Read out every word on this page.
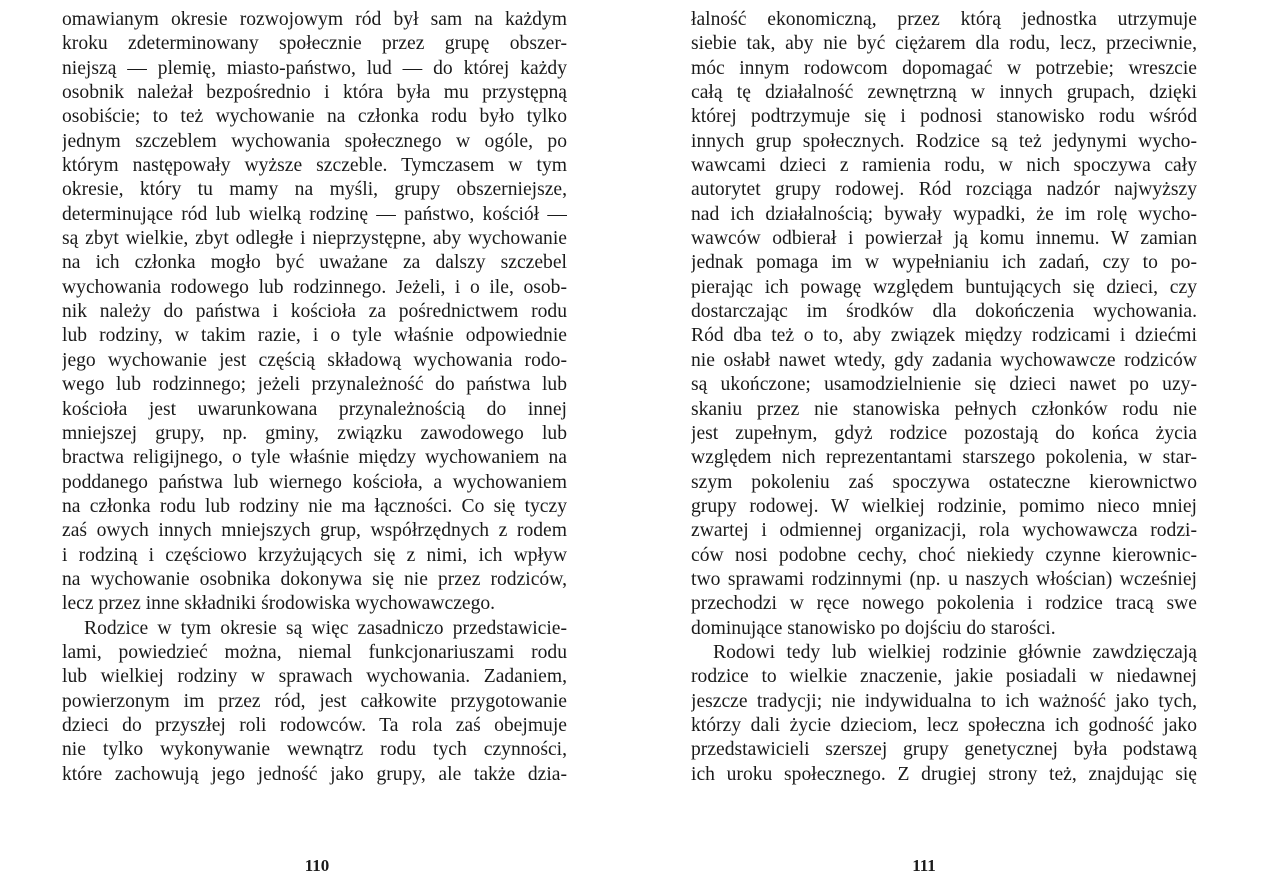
omawianym okresie rozwojowym ród był sam na każdym
kroku zdeterminowany społecznie przez grupę obszer-
niejszą — plemię, miasto-państwo, lud — do której każdy
osobnik należał bezpośrednio i która była mu przystępną
osobiście; to też wychowanie na członka rodu było tylko
jednym szczeblem wychowania społecznego w ogóle, po
którym następowały wyższe szczeble. Tymczasem w tym
okresie, który tu mamy na myśli, grupy obszerniejsze,
determinujące ród lub wielką rodzinę — państwo, kościół —
są zbyt wielkie, zbyt odległe i nieprzystępne, aby wychowanie
na ich członka mogło być uważane za dalszy szczebel
wychowania rodowego lub rodzinnego. Jeżeli, i o ile, osob-
nik należy do państwa i kościoła za pośrednictwem rodu
lub rodziny, w takim razie, i o tyle właśnie odpowiednie
jego wychowanie jest częścią składową wychowania rodo-
wego lub rodzinnego; jeżeli przynależność do państwa lub
kościoła jest uwarunkowana przynależnością do innej
mniejszej grupy, np. gminy, związku zawodowego lub
bractwa religijnego, o tyle właśnie między wychowaniem na
poddanego państwa lub wiernego kościoła, a wychowaniem
na członka rodu lub rodziny nie ma łączności. Co się tyczy
zaś owych innych mniejszych grup, współrzędnych z rodem
i rodziną i częściowo krzyżujących się z nimi, ich wpływ
na wychowanie osobnika dokonywa się nie przez rodziców,
lecz przez inne składniki środowiska wychowawczego.
Rodzice w tym okresie są więc zasadniczo przedstawicie-
lami, powiedzieć można, niemal funkcjonariuszami rodu
lub wielkiej rodziny w sprawach wychowania. Zadaniem,
powierzonym im przez ród, jest całkowite przygotowanie
dzieci do przyszłej roli rodowców. Ta rola zaś obejmuje
nie tylko wykonywanie wewnątrz rodu tych czynności,
które zachowują jego jedność jako grupy, ale także dzia-
110
łalność ekonomiczną, przez którą jednostka utrzymuje
siebie tak, aby nie być ciężarem dla rodu, lecz, przeciwnie,
móc innym rodowcom dopomagać w potrzebie; wreszcie
całą tę działalność zewnętrzną w innych grupach, dzięki
której podtrzymuje się i podnosi stanowisko rodu wśród
innych grup społecznych. Rodzice są też jedynymi wycho-
wawcami dzieci z ramienia rodu, w nich spoczywa cały
autorytet grupy rodowej. Ród rozciąga nadzór najwyższy
nad ich działalnością; bywały wypadki, że im rolę wycho-
wawców odbierał i powierzał ją komu innemu. W zamian
jednak pomaga im w wypełnianiu ich zadań, czy to po-
pierając ich powagę względem buntujących się dzieci, czy
dostarczając im środków dla dokończenia wychowania.
Ród dba też o to, aby związek między rodzicami i dziećmi
nie osłabł nawet wtedy, gdy zadania wychowawcze rodziców
są ukończone; usamodzielnienie się dzieci nawet po uzy-
skaniu przez nie stanowiska pełnych członków rodu nie
jest zupełnym, gdyż rodzice pozostają do końca życia
względem nich reprezentantami starszego pokolenia, w star-
szym pokoleniu zaś spoczywa ostateczne kierownictwo
grupy rodowej. W wielkiej rodzinie, pomimo nieco mniej
zwartej i odmiennej organizacji, rola wychowawcza rodzi-
ców nosi podobne cechy, choć niekiedy czynne kierownic-
two sprawami rodzinnymi (np. u naszych włościan) wcześniej
przechodzi w ręce nowego pokolenia i rodzice tracą swe
dominujące stanowisko po dojściu do starości.
Rodowi tedy lub wielkiej rodzinie głównie zawdzięczają
rodzice to wielkie znaczenie, jakie posiadali w niedawnej
jeszcze tradycji; nie indywidualna to ich ważność jako tych,
którzy dali życie dzieciom, lecz społeczna ich godność jako
przedstawicieli szerszej grupy genetycznej była podstawą
ich uroku społecznego. Z drugiej strony też, znajdując się
111
